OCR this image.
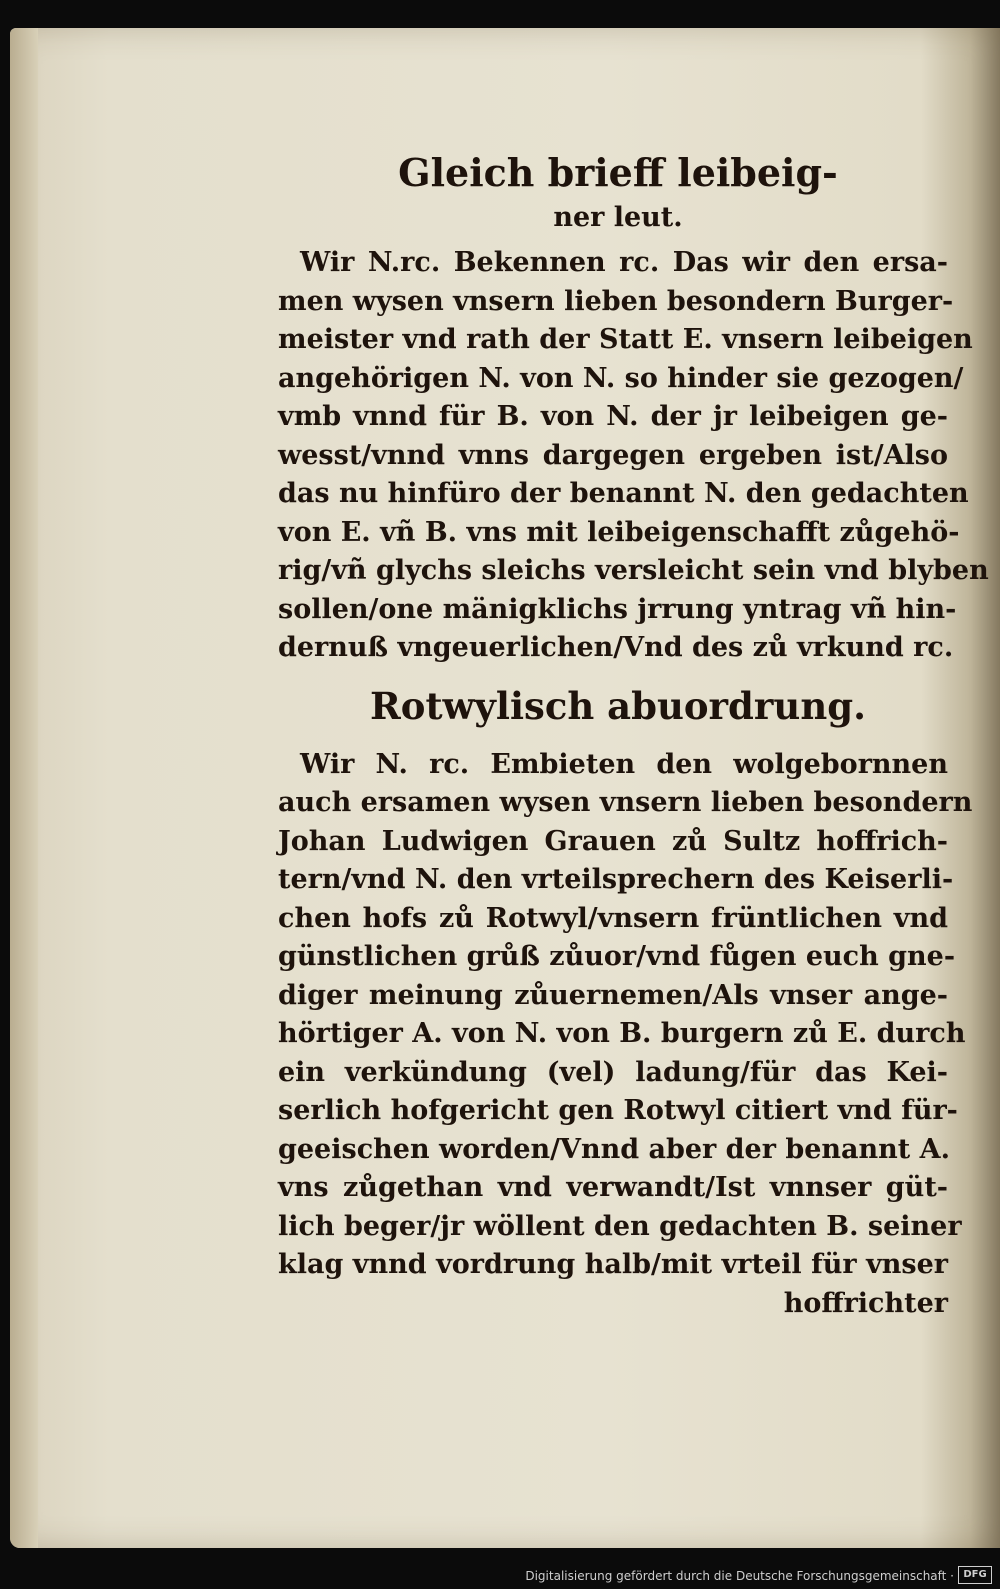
Gleich brieff leibeig-
ner leut.
Wir N.rc. Bekennen rc. Das wir den ersa-
men wysen vnsern lieben besondern Burger-
meister vnd rath der Statt E. vnsern leibeigen
angehörigen N. von N. so hinder sie gezogen/
vmb vnnd für B. von N. der jr leibeigen ge-
wesst/vnnd vnns dargegen ergeben ist/Also
das nu hinfüro der benannt N. den gedachten
von E. vñ B. vns mit leibeigenschafft zůgehö-
rig/vñ glychs sleichs versleicht sein vnd blyben
sollen/one mänigklichs jrrung yntrag vñ hin-
dernuß vngeuerlichen/Vnd des zů vrkund rc.
Rotwylisch abuordrung.
Wir N. rc. Embieten den wolgebornnen
auch ersamen wysen vnsern lieben besondern
Johan Ludwigen Grauen zů Sultz hoffrich-
tern/vnd N. den vrteilsprechern des Keiserli-
chen hofs zů Rotwyl/vnsern früntlichen vnd
günstlichen grůß zůuor/vnd fůgen euch gne-
diger meinung zůuernemen/Als vnser ange-
hörtiger A. von N. von B. burgern zů E. durch
ein verkündung (vel) ladung/für das Kei-
serlich hofgericht gen Rotwyl citiert vnd für-
geeischen worden/Vnnd aber der benannt A.
vns zůgethan vnd verwandt/Ist vnnser güt-
lich beger/jr wöllent den gedachten B. seiner
klag vnnd vordrung halb/mit vrteil für vnser
hoffrichter
Digitalisierung gefördert durch die Deutsche Forschungsgemeinschaft · DFG
